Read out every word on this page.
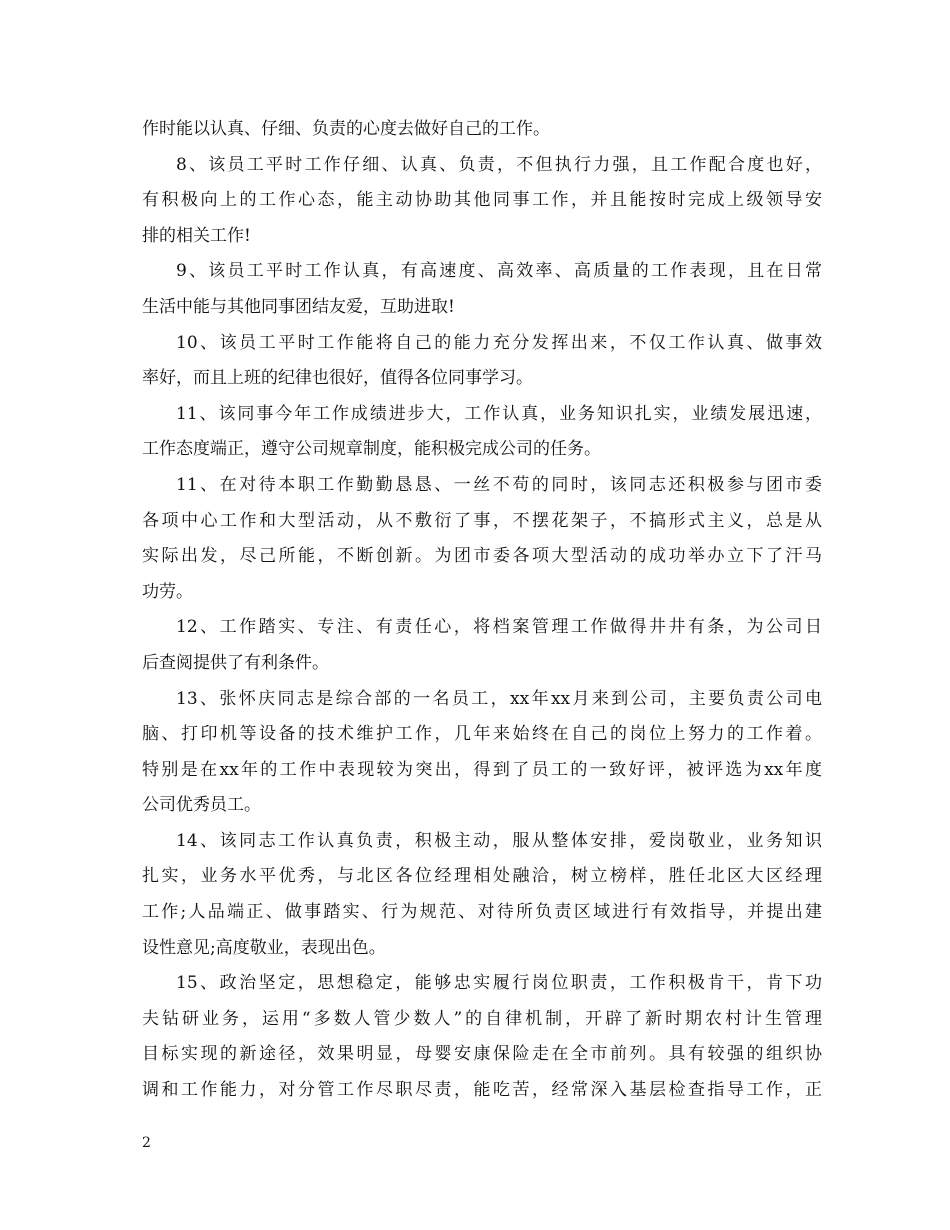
作时能以认真、仔细、负责的心度去做好自己的工作。
8、该员工平时工作仔细、认真、负责，不但执行力强，且工作配合度也好，
有积极向上的工作心态，能主动协助其他同事工作，并且能按时完成上级领导安
排的相关工作!
9、该员工平时工作认真，有高速度、高效率、高质量的工作表现，且在日常
生活中能与其他同事团结友爱，互助进取!
10、该员工平时工作能将自己的能力充分发挥出来，不仅工作认真、做事效
率好，而且上班的纪律也很好，值得各位同事学习。
11、该同事今年工作成绩进步大，工作认真，业务知识扎实，业绩发展迅速，
工作态度端正，遵守公司规章制度，能积极完成公司的任务。
11、在对待本职工作勤勤恳恳、一丝不苟的同时，该同志还积极参与团市委
各项中心工作和大型活动，从不敷衍了事，不摆花架子，不搞形式主义，总是从
实际出发，尽己所能，不断创新。为团市委各项大型活动的成功举办立下了汗马
功劳。
12、工作踏实、专注、有责任心，将档案管理工作做得井井有条，为公司日
后查阅提供了有利条件。
13、张怀庆同志是综合部的一名员工，xx年xx月来到公司，主要负责公司电
脑、打印机等设备的技术维护工作，几年来始终在自己的岗位上努力的工作着。
特别是在xx年的工作中表现较为突出，得到了员工的一致好评，被评选为xx年度
公司优秀员工。
14、该同志工作认真负责，积极主动，服从整体安排，爱岗敬业，业务知识
扎实，业务水平优秀，与北区各位经理相处融洽，树立榜样，胜任北区大区经理
工作;人品端正、做事踏实、行为规范、对待所负责区域进行有效指导，并提出建
设性意见;高度敬业，表现出色。
15、政治坚定，思想稳定，能够忠实履行岗位职责，工作积极肯干，肯下功
夫钻研业务，运用“多数人管少数人”的自律机制，开辟了新时期农村计生管理
目标实现的新途径，效果明显，母婴安康保险走在全市前列。具有较强的组织协
调和工作能力，对分管工作尽职尽责，能吃苦，经常深入基层检查指导工作，正
2
